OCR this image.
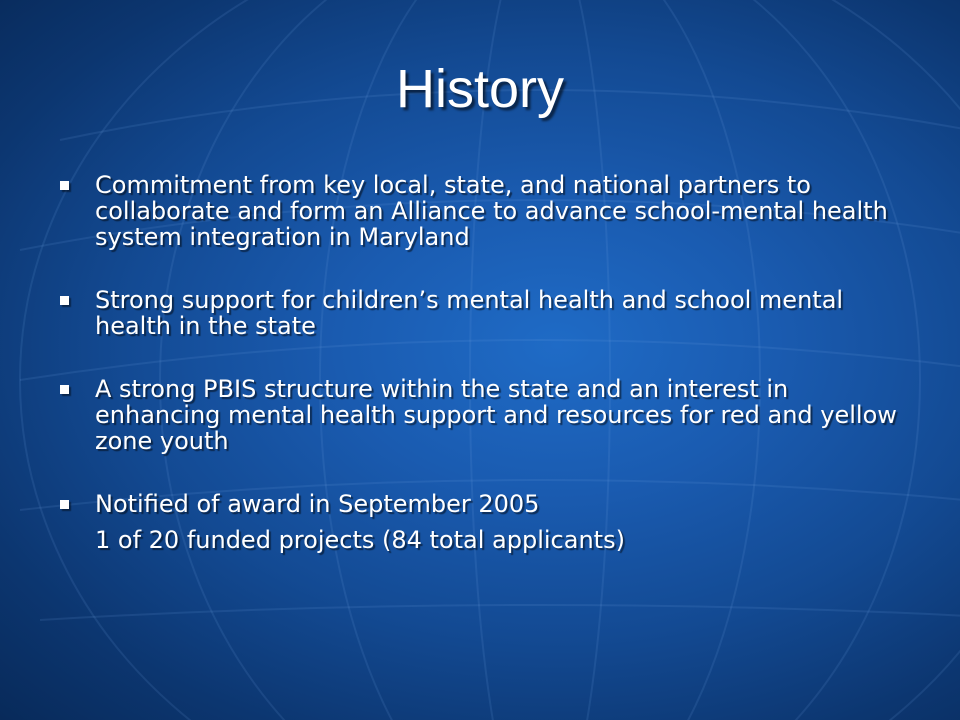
History
Commitment from key local, state, and national partners to collaborate and form an Alliance to advance school-mental health system integration in Maryland
Strong support for children’s mental health and school mental health in the state
A strong PBIS structure within the state and an interest in enhancing mental health support and resources for red and yellow zone youth
Notified of award in September 2005
1 of 20 funded projects (84 total applicants)
